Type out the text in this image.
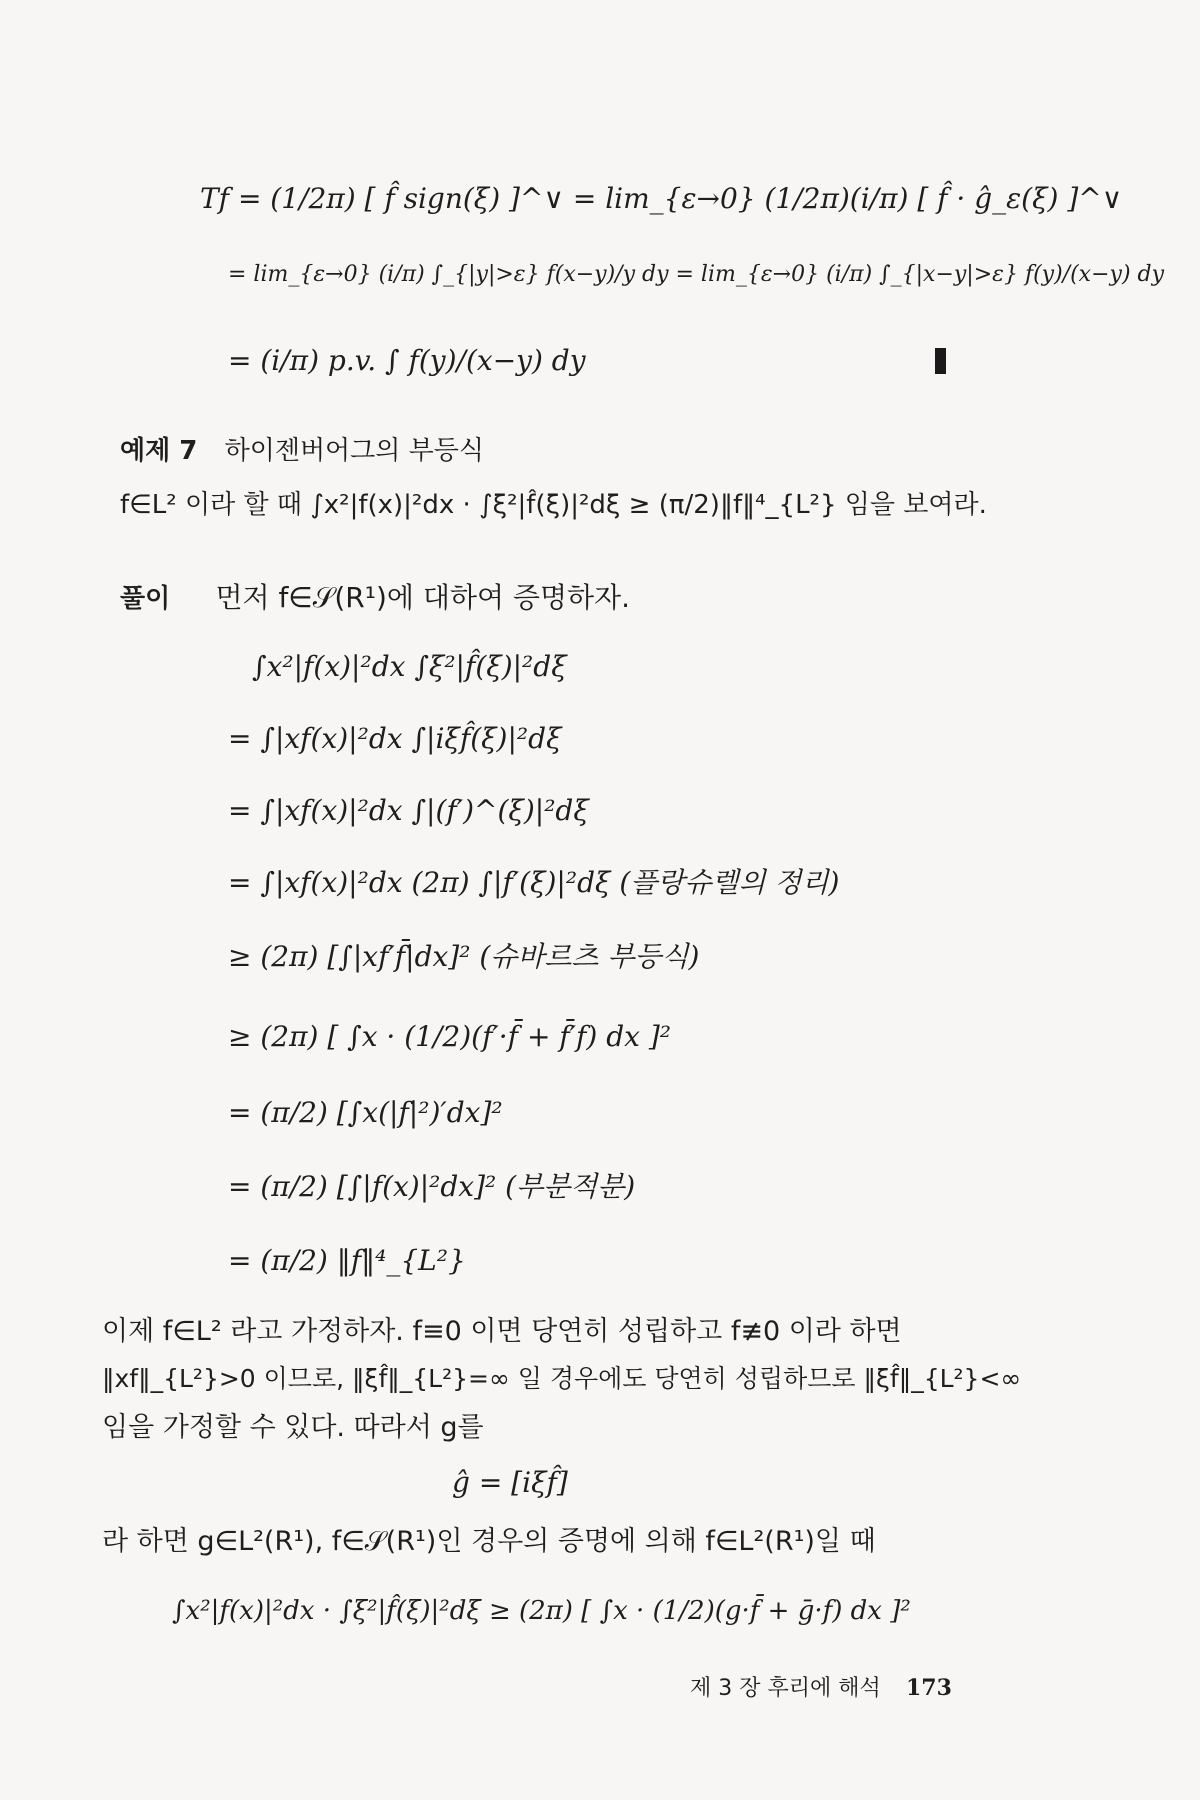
Tf = (1/2π) [ f̂ sign(ξ) ]^∨ = lim_{ε→0} (1/2π)(i/π) [ f̂ · ĝ_ε(ξ) ]^∨
= lim_{ε→0} (i/π) ∫_{|y|>ε} f(x−y)/y dy = lim_{ε→0} (i/π) ∫_{|x−y|>ε} f(y)/(x−y) dy
= (i/π) p.v. ∫ f(y)/(x−y) dy
예제 7 하이젠버어그의 부등식
f∈L² 이라 할 때 ∫x²|f(x)|²dx · ∫ξ²|f̂(ξ)|²dξ ≥ (π/2)‖f‖⁴_{L²} 임을 보여라.
풀이 먼저 f∈𝒮(R¹)에 대하여 증명하자.
∫x²|f(x)|²dx ∫ξ²|f̂(ξ)|²dξ
= ∫|xf(x)|²dx ∫|iξf̂(ξ)|²dξ
= ∫|xf(x)|²dx ∫|(f′)^(ξ)|²dξ
= ∫|xf(x)|²dx (2π) ∫|f′(ξ)|²dξ (플랑슈렐의 정리)
≥ (2π) [∫|xf′f̄|dx]² (슈바르츠 부등식)
≥ (2π) [ ∫x · (1/2)(f′·f̄ + f̄′f) dx ]²
= (π/2) [∫x(|f|²)′dx]²
= (π/2) [∫|f(x)|²dx]² (부분적분)
= (π/2) ‖f‖⁴_{L²}
이제 f∈L² 라고 가정하자. f≡0 이면 당연히 성립하고 f≢0 이라 하면
‖xf‖_{L²}>0 이므로, ‖ξf̂‖_{L²}=∞ 일 경우에도 당연히 성립하므로 ‖ξf̂‖_{L²}<∞
임을 가정할 수 있다. 따라서 g를
ĝ = [iξf̂]
라 하면 g∈L²(R¹), f∈𝒮(R¹)인 경우의 증명에 의해 f∈L²(R¹)일 때
∫x²|f(x)|²dx · ∫ξ²|f̂(ξ)|²dξ ≥ (2π) [ ∫x · (1/2)(g·f̄ + ḡ·f) dx ]²
제 3 장 후리에 해석 173
